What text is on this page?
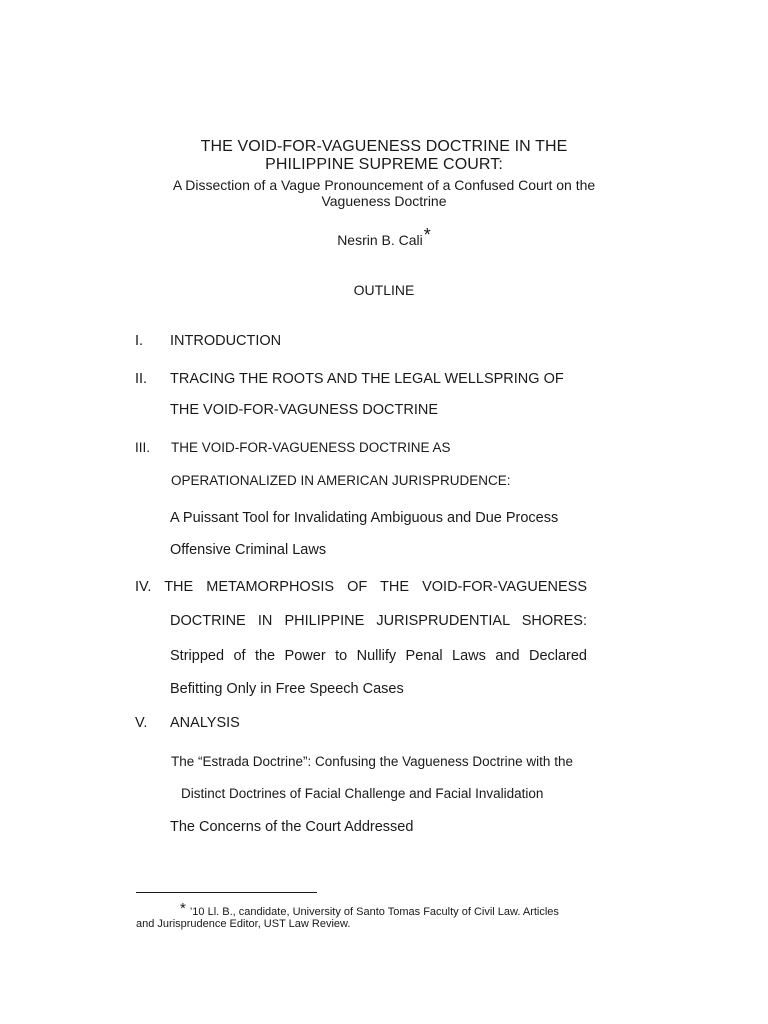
THE VOID-FOR-VAGUENESS DOCTRINE IN THE
PHILIPPINE SUPREME COURT:
A Dissection of a Vague Pronouncement of a Confused Court on the
Vagueness Doctrine
Nesrin B. Cali*
OUTLINE
I. INTRODUCTION
II. TRACING THE ROOTS AND THE LEGAL WELLSPRING OF
THE VOID-FOR-VAGUNESS DOCTRINE
III. THE VOID-FOR-VAGUENESS DOCTRINE AS
OPERATIONALIZED IN AMERICAN JURISPRUDENCE:
A Puissant Tool for Invalidating Ambiguous and Due Process
Offensive Criminal Laws
IV. THE METAMORPHOSIS OF THE VOID-FOR-VAGUENESS
DOCTRINE IN PHILIPPINE JURISPRUDENTIAL SHORES:
Stripped of the Power to Nullify Penal Laws and Declared
Befitting Only in Free Speech Cases
V. ANALYSIS
The “Estrada Doctrine”: Confusing the Vagueness Doctrine with the
Distinct Doctrines of Facial Challenge and Facial Invalidation
The Concerns of the Court Addressed
* ’10 Ll. B., candidate, University of Santo Tomas Faculty of Civil Law. Articles
and Jurisprudence Editor, UST Law Review.
